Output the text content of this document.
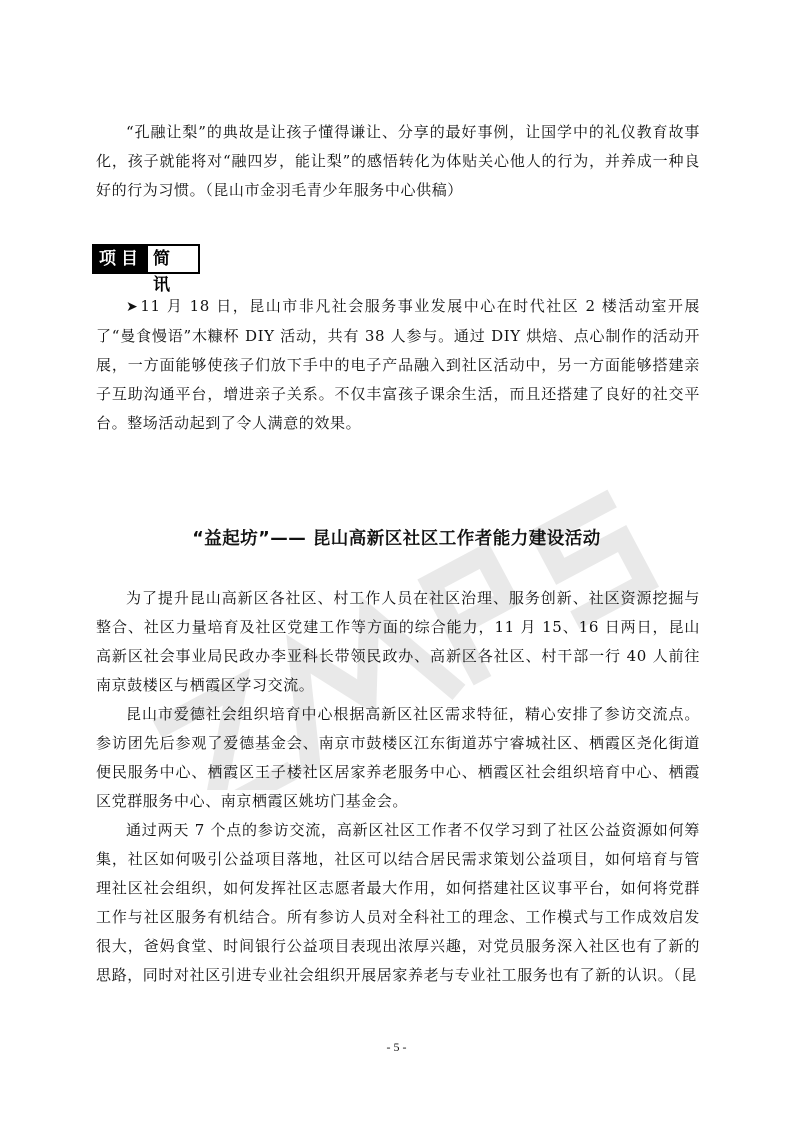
“孔融让梨”的典故是让孩子懂得谦让、分享的最好事例，让国学中的礼仪教育故事化，孩子就能将对“融四岁，能让梨”的感悟转化为体贴关心他人的行为，并养成一种良好的行为习惯。（昆山市金羽毛青少年服务中心供稿）

项目 简讯

➤ 11 月 18 日，昆山市非凡社会服务事业发展中心在时代社区 2 楼活动室开展了“曼食慢语”木糠杯 DIY 活动，共有 38 人参与。通过 DIY 烘焙、点心制作的活动开展，一方面能够使孩子们放下手中的电子产品融入到社区活动中，另一方面能够搭建亲子互助沟通平台，增进亲子关系。不仅丰富孩子课余生活，而且还搭建了良好的社交平台。整场活动起到了令人满意的效果。

“益起坊”—— 昆山高新区社区工作者能力建设活动

为了提升昆山高新区各社区、村工作人员在社区治理、服务创新、社区资源挖掘与整合、社区力量培育及社区党建工作等方面的综合能力，11 月 15、16 日两日，昆山高新区社会事业局民政办李亚科长带领民政办、高新区各社区、村干部一行 40 人前往南京鼓楼区与栖霞区学习交流。

昆山市爱德社会组织培育中心根据高新区社区需求特征，精心安排了参访交流点。参访团先后参观了爱德基金会、南京市鼓楼区江东街道苏宁睿城社区、栖霞区尧化街道便民服务中心、栖霞区王子楼社区居家养老服务中心、栖霞区社会组织培育中心、栖霞区党群服务中心、南京栖霞区姚坊门基金会。

通过两天 7 个点的参访交流，高新区社区工作者不仅学习到了社区公益资源如何筹集，社区如何吸引公益项目落地，社区可以结合居民需求策划公益项目，如何培育与管理社区社会组织，如何发挥社区志愿者最大作用，如何搭建社区议事平台，如何将党群工作与社区服务有机结合。所有参访人员对全科社工的理念、工作模式与工作成效启发很大，爸妈食堂、时间银行公益项目表现出浓厚兴趣，对党员服务深入社区也有了新的思路，同时对社区引进专业社会组织开展居家养老与专业社工服务也有了新的认识。（昆

- 5 -
